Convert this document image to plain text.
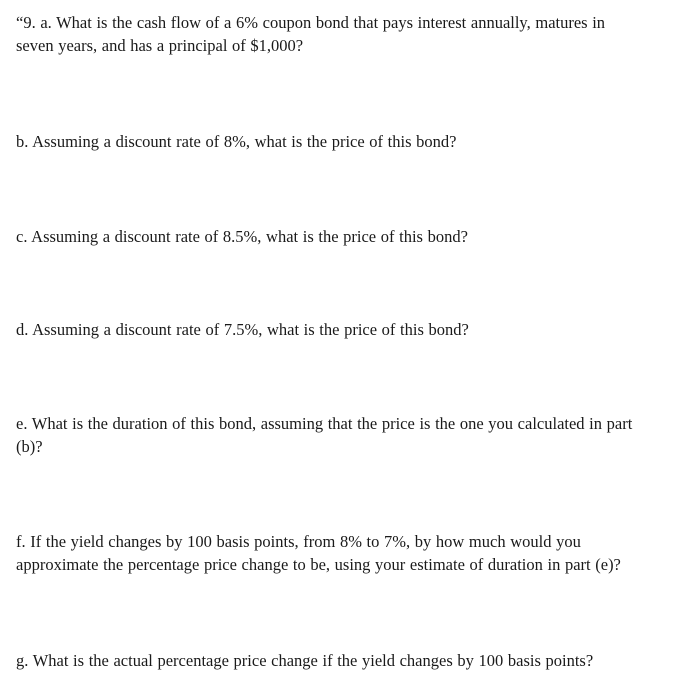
“9. a. What is the cash flow of a 6% coupon bond that pays interest annually, matures in
seven years, and has a principal of $1,000?

b. Assuming a discount rate of 8%, what is the price of this bond?

c. Assuming a discount rate of 8.5%, what is the price of this bond?

d. Assuming a discount rate of 7.5%, what is the price of this bond?

e. What is the duration of this bond, assuming that the price is the one you calculated in part
(b)?

f. If the yield changes by 100 basis points, from 8% to 7%, by how much would you
approximate the percentage price change to be, using your estimate of duration in part (e)?

g. What is the actual percentage price change if the yield changes by 100 basis points?
